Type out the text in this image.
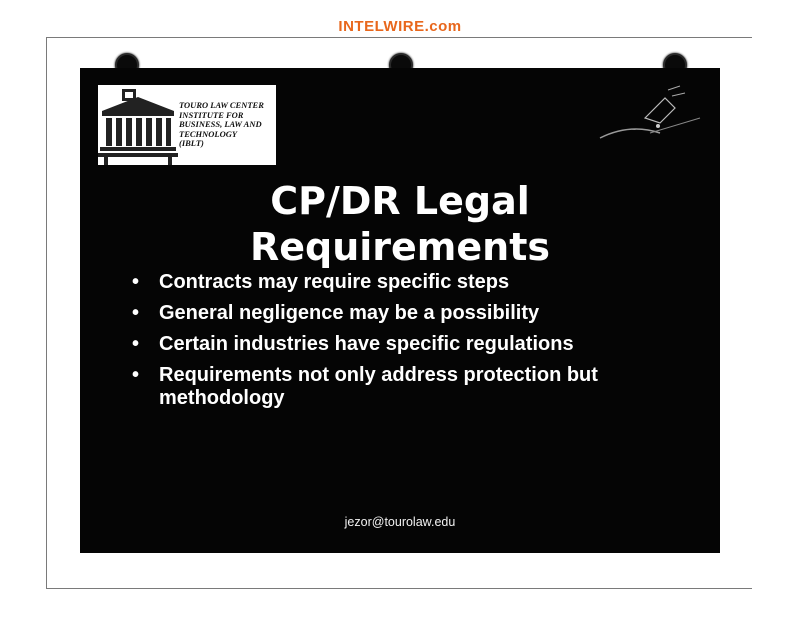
INTELWIRE.com
TOURO LAW CENTER
INSTITUTE FOR
BUSINESS, LAW AND
TECHNOLOGY
(IBLT)
CP/DR Legal
Requirements
• Contracts may require specific steps
• General negligence may be a possibility
• Certain industries have specific regulations
• Requirements not only address protection but methodology
jezor@tourolaw.edu
